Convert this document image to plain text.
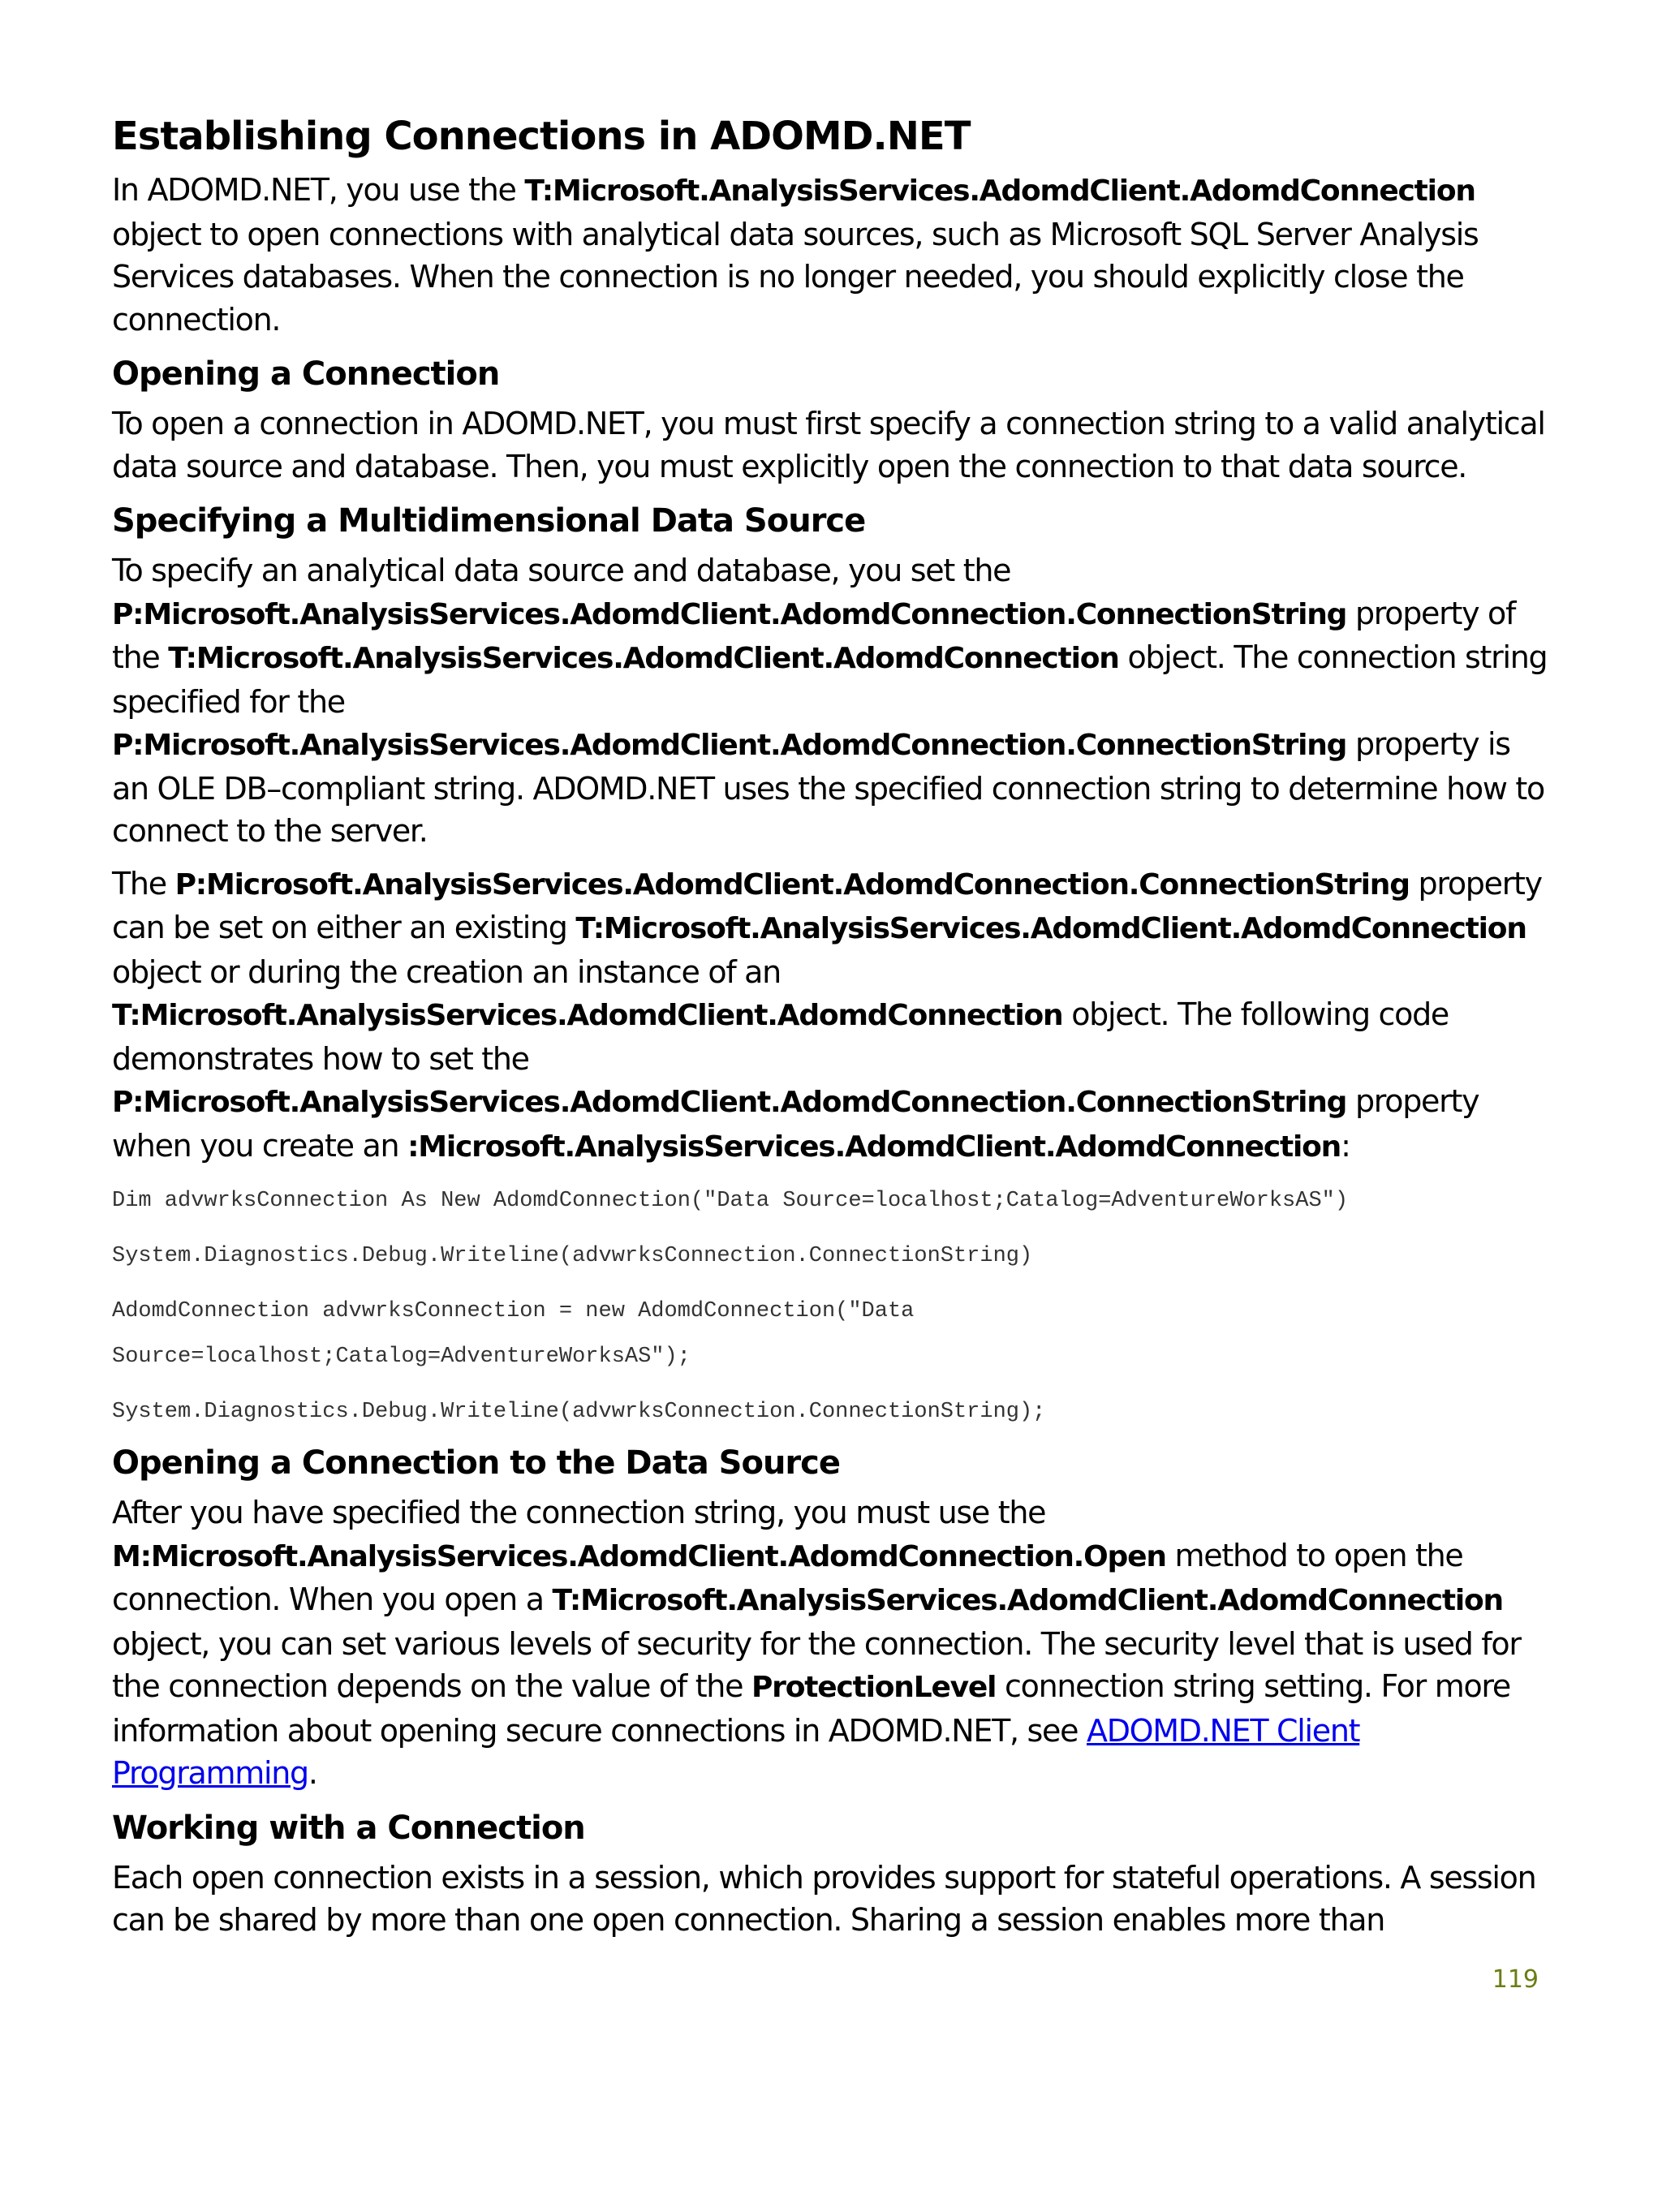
Establishing Connections in ADOMD.NET

In ADOMD.NET, you use the T:Microsoft.AnalysisServices.AdomdClient.AdomdConnection object to open connections with analytical data sources, such as Microsoft SQL Server Analysis Services databases. When the connection is no longer needed, you should explicitly close the connection.

Opening a Connection

To open a connection in ADOMD.NET, you must first specify a connection string to a valid analytical data source and database. Then, you must explicitly open the connection to that data source.

Specifying a Multidimensional Data Source

To specify an analytical data source and database, you set the P:Microsoft.AnalysisServices.AdomdClient.AdomdConnection.ConnectionString property of the T:Microsoft.AnalysisServices.AdomdClient.AdomdConnection object. The connection string specified for the P:Microsoft.AnalysisServices.AdomdClient.AdomdConnection.ConnectionString property is an OLE DB–compliant string. ADOMD.NET uses the specified connection string to determine how to connect to the server.

The P:Microsoft.AnalysisServices.AdomdClient.AdomdConnection.ConnectionString property can be set on either an existing T:Microsoft.AnalysisServices.AdomdClient.AdomdConnection object or during the creation an instance of an T:Microsoft.AnalysisServices.AdomdClient.AdomdConnection object. The following code demonstrates how to set the P:Microsoft.AnalysisServices.AdomdClient.AdomdConnection.ConnectionString property when you create an :Microsoft.AnalysisServices.AdomdClient.AdomdConnection:

Dim advwrksConnection As New AdomdConnection("Data Source=localhost;Catalog=AdventureWorksAS")
System.Diagnostics.Debug.Writeline(advwrksConnection.ConnectionString)
AdomdConnection advwrksConnection = new AdomdConnection("Data
Source=localhost;Catalog=AdventureWorksAS");
System.Diagnostics.Debug.Writeline(advwrksConnection.ConnectionString);
Opening a Connection to the Data Source

After you have specified the connection string, you must use the M:Microsoft.AnalysisServices.AdomdClient.AdomdConnection.Open method to open the connection. When you open a T:Microsoft.AnalysisServices.AdomdClient.AdomdConnection object, you can set various levels of security for the connection. The security level that is used for the connection depends on the value of the ProtectionLevel connection string setting. For more information about opening secure connections in ADOMD.NET, see ADOMD.NET Client Programming.

Working with a Connection

Each open connection exists in a session, which provides support for stateful operations. A session can be shared by more than one open connection. Sharing a session enables more than

119
